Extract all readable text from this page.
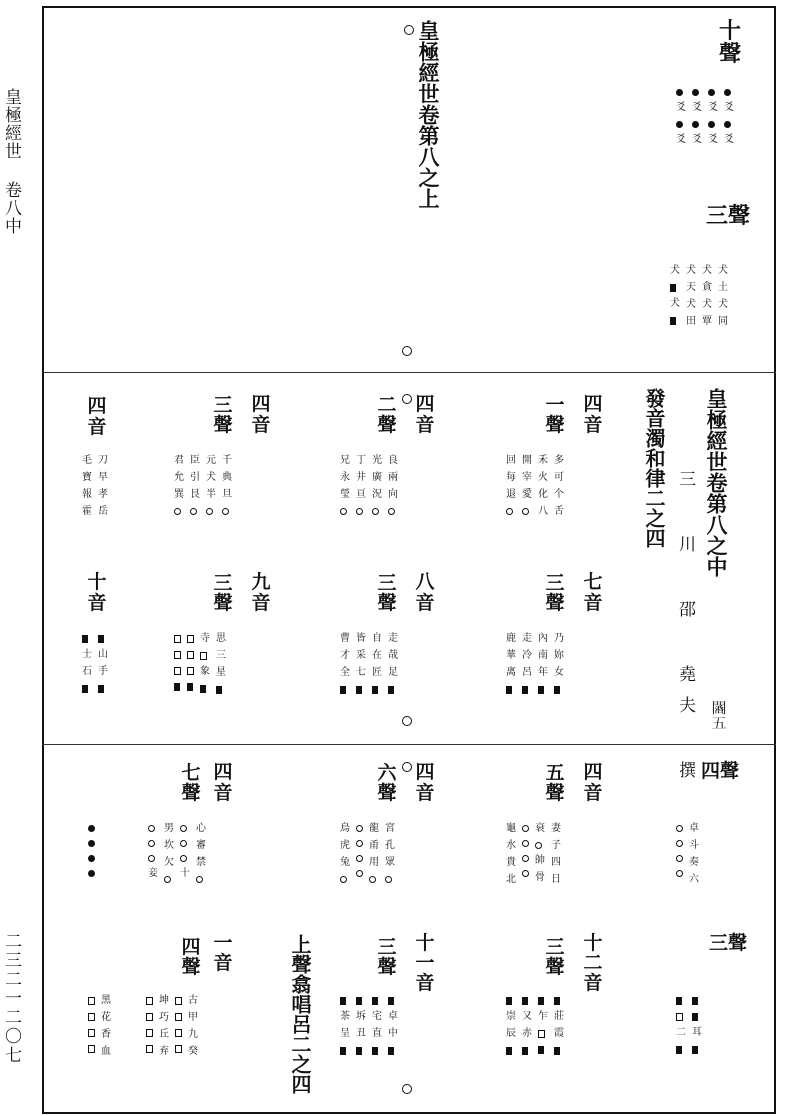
皇極經世 卷八中
二三二一二〇七
皇極經世卷第八之上	十聲
爻
爻
爻
爻
爻
爻
爻
爻
三聲
犬
犬
犬
天
犬
田
犬
貪
犬
覃
犬
土
犬
同
皇極經世卷第八之中
三 川 邵 堯夫 撰 𨶖五
發音濁和律二之四
四音
一聲
回
每
退
開
宰
愛
禾
火
化
八
多
可
个
舌
四音
二聲
兄
永
瑩
丁
井
亘
光
廣
況
良
兩
向
四音
三聲
君
允
巽
臣
引
艮
元
犬
半
千
典
旦
四音
毛
寶
報
霍
刀
早
孝
岳
七音
三聲
鹿
華
离
走
冷
呂
內
南
年
乃
妳
女
八音
三聲
曹
才
全
皆
采
七
自
在
匠
走
哉
足
九音
三聲
寺
象
思
三
星
十音
士
石
山
手
四聲
卓
斗
奏
六
四音
五聲
龜
水
貴
北
衰
帥
骨
妻
子
四
日
四音
六聲
烏
虎
兔
龍
甬
用
宮
孔
眾
四音
七聲
妾
男
坎
欠
十
心
審
禁
三聲
二 耳
十二音
三聲
崇
辰
又
赤
乍 莊
霞
十一音
三聲
茶
呈
坼
丑
宅
直
卓
中
上聲翕唱呂二之四
一音
四聲
坤
巧
丘
弃
古
甲
九
癸
黑
花
香
血
